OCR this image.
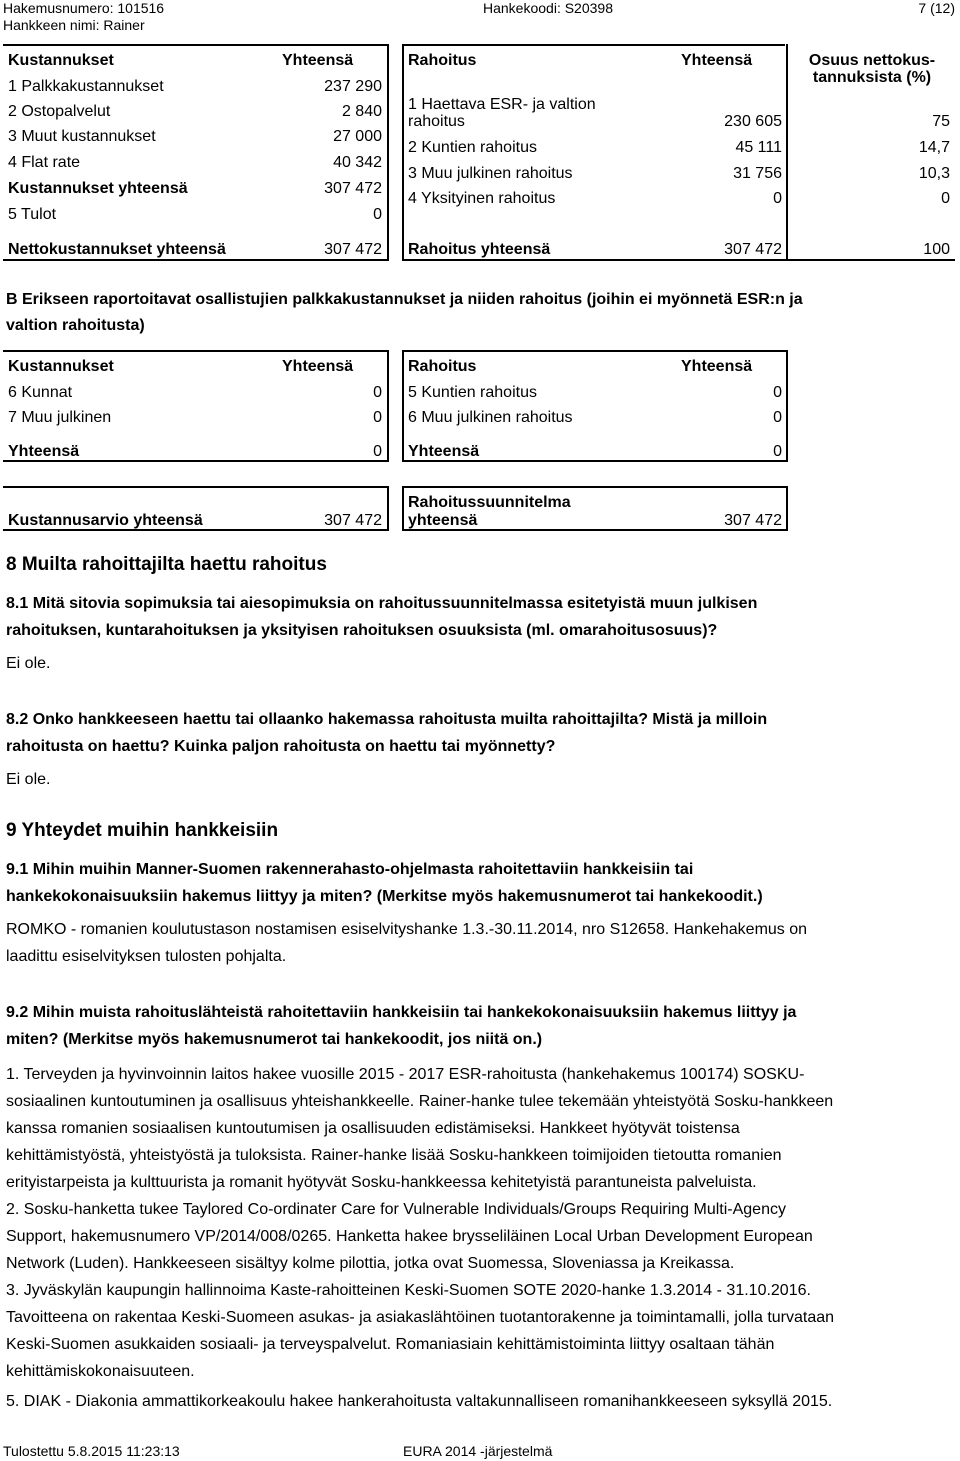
Hakemusnumero: 101516
Hankkeen nimi: Rainer
Hankekoodi: S20398	7 (12)
Kustannukset	Yhteensä
1 Palkkakustannukset	237 290
2 Ostopalvelut	2 840
3 Muut kustannukset	27 000
4 Flat rate	40 342
Kustannukset yhteensä	307 472
5 Tulot	0
Nettokustannukset yhteensä	307 472
Rahoitus	Yhteensä	Osuus nettokus-
tannuksista (%)
1 Haettava ESR- ja valtion
rahoitus	230 605	75
2 Kuntien rahoitus	45 111	14,7
3 Muu julkinen rahoitus	31 756	10,3
4 Yksityinen rahoitus	0	0
Rahoitus yhteensä	307 472	100
B Erikseen raportoitavat osallistujien palkkakustannukset ja niiden rahoitus (joihin ei myönnetä ESR:n ja
valtion rahoitusta)
Kustannukset	Yhteensä
6 Kunnat	0
7 Muu julkinen	0
Yhteensä	0
Rahoitus	Yhteensä
5 Kuntien rahoitus	0
6 Muu julkinen rahoitus	0
Yhteensä	0
Kustannusarvio yhteensä	307 472
Rahoitussuunnitelma
yhteensä	307 472
8 Muilta rahoittajilta haettu rahoitus
8.1 Mitä sitovia sopimuksia tai aiesopimuksia on rahoitussuunnitelmassa esitetyistä muun julkisen
rahoituksen, kuntarahoituksen ja yksityisen rahoituksen osuuksista (ml. omarahoitusosuus)?
Ei ole.
8.2 Onko hankkeeseen haettu tai ollaanko hakemassa rahoitusta muilta rahoittajilta? Mistä ja milloin
rahoitusta on haettu? Kuinka paljon rahoitusta on haettu tai myönnetty?
Ei ole.
9 Yhteydet muihin hankkeisiin
9.1 Mihin muihin Manner-Suomen rakennerahasto-ohjelmasta rahoitettaviin hankkeisiin tai
hankekokonaisuuksiin hakemus liittyy ja miten? (Merkitse myös hakemusnumerot tai hankekoodit.)
ROMKO - romanien koulutustason nostamisen esiselvityshanke 1.3.-30.11.2014, nro S12658. Hankehakemus on
laadittu esiselvityksen tulosten pohjalta.
9.2 Mihin muista rahoituslähteistä rahoitettaviin hankkeisiin tai hankekokonaisuuksiin hakemus liittyy ja
miten? (Merkitse myös hakemusnumerot tai hankekoodit, jos niitä on.)
1. Terveyden ja hyvinvoinnin laitos hakee vuosille 2015 - 2017 ESR-rahoitusta (hankehakemus 100174) SOSKU-
sosiaalinen kuntoutuminen ja osallisuus yhteishankkeelle. Rainer-hanke tulee tekemään yhteistyötä Sosku-hankkeen
kanssa romanien sosiaalisen kuntoutumisen ja osallisuuden edistämiseksi. Hankkeet hyötyvät toistensa
kehittämistyöstä, yhteistyöstä ja tuloksista. Rainer-hanke lisää Sosku-hankkeen toimijoiden tietoutta romanien
erityistarpeista ja kulttuurista ja romanit hyötyvät Sosku-hankkeessa kehitetyistä parantuneista palveluista.
2. Sosku-hanketta tukee Taylored Co-ordinater Care for Vulnerable Individuals/Groups Requiring Multi-Agency
Support, hakemusnumero VP/2014/008/0265. Hanketta hakee brysseliläinen Local Urban Development European
Network (Luden). Hankkeeseen sisältyy kolme pilottia, jotka ovat Suomessa, Sloveniassa ja Kreikassa.
3. Jyväskylän kaupungin hallinnoima Kaste-rahoitteinen Keski-Suomen SOTE 2020-hanke 1.3.2014 - 31.10.2016.
Tavoitteena on rakentaa Keski-Suomeen asukas- ja asiakaslähtöinen tuotantorakenne ja toimintamalli, jolla turvataan
Keski-Suomen asukkaiden sosiaali- ja terveyspalvelut. Romaniasiain kehittämistoiminta liittyy osaltaan tähän
kehittämiskokonaisuuteen.
5. DIAK - Diakonia ammattikorkeakoulu hakee hankerahoitusta valtakunnalliseen romanihankkeeseen syksyllä 2015.
Tulostettu 5.8.2015 11:23:13	EURA 2014 -järjestelmä
